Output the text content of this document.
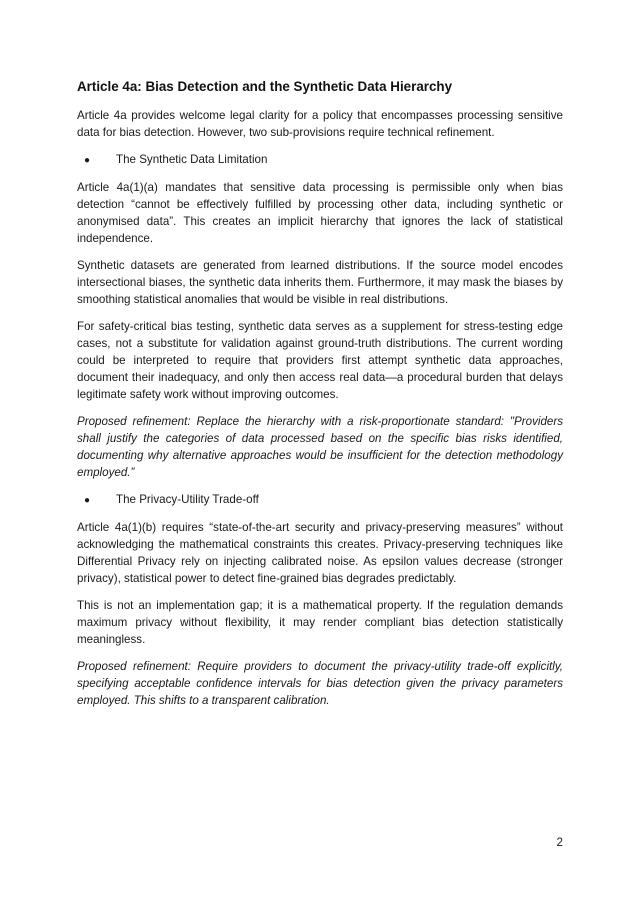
Article 4a: Bias Detection and the Synthetic Data Hierarchy

Article 4a provides welcome legal clarity for a policy that encompasses processing sensitive data for bias detection. However, two sub-provisions require technical refinement.

●	The Synthetic Data Limitation

Article 4a(1)(a) mandates that sensitive data processing is permissible only when bias detection “cannot be effectively fulfilled by processing other data, including synthetic or anonymised data”. This creates an implicit hierarchy that ignores the lack of statistical independence.

Synthetic datasets are generated from learned distributions. If the source model encodes intersectional biases, the synthetic data inherits them. Furthermore, it may mask the biases by smoothing statistical anomalies that would be visible in real distributions.

For safety-critical bias testing, synthetic data serves as a supplement for stress-testing edge cases, not a substitute for validation against ground-truth distributions. The current wording could be interpreted to require that providers first attempt synthetic data approaches, document their inadequacy, and only then access real data—a procedural burden that delays legitimate safety work without improving outcomes.

Proposed refinement: Replace the hierarchy with a risk-proportionate standard: "Providers shall justify the categories of data processed based on the specific bias risks identified, documenting why alternative approaches would be insufficient for the detection methodology employed.”

●	The Privacy-Utility Trade-off

Article 4a(1)(b) requires “state-of-the-art security and privacy-preserving measures” without acknowledging the mathematical constraints this creates. Privacy-preserving techniques like Differential Privacy rely on injecting calibrated noise. As epsilon values decrease (stronger privacy), statistical power to detect fine-grained bias degrades predictably.

This is not an implementation gap; it is a mathematical property. If the regulation demands maximum privacy without flexibility, it may render compliant bias detection statistically meaningless.

Proposed refinement: Require providers to document the privacy-utility trade-off explicitly, specifying acceptable confidence intervals for bias detection given the privacy parameters employed. This shifts to a transparent calibration.

2
